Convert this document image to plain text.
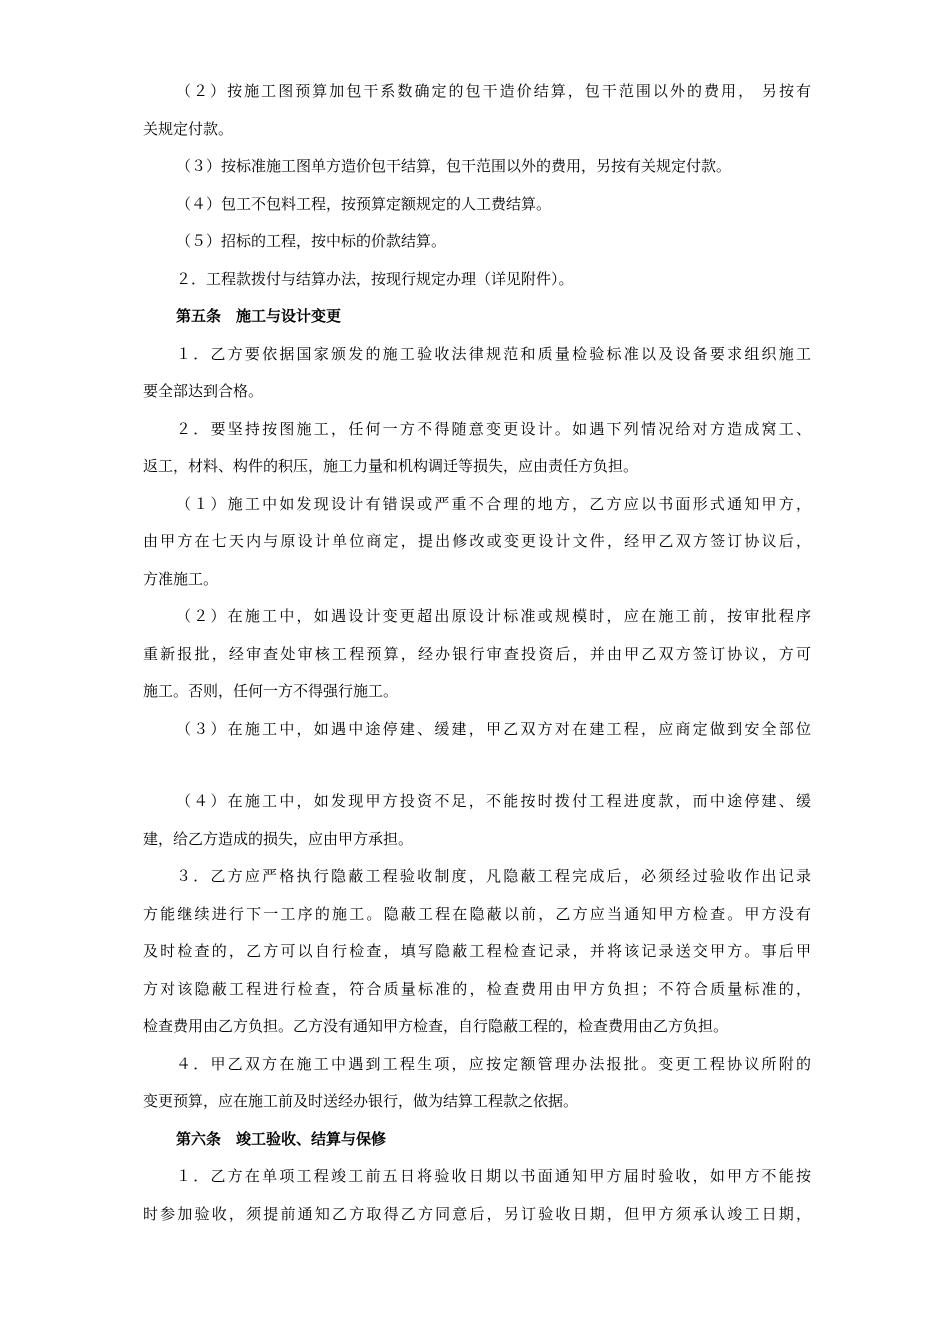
（２）按施工图预算加包干系数确定的包干造价结算，包干范围以外的费用， 另按有
关规定付款。
（３）按标准施工图单方造价包干结算，包干范围以外的费用，另按有关规定付款。
（４）包工不包料工程，按预算定额规定的人工费结算。
（５）招标的工程，按中标的价款结算。
２．工程款拨付与结算办法，按现行规定办理（详见附件）。
第五条　施工与设计变更
１．乙方要依据国家颁发的施工验收法律规范和质量检验标准以及设备要求组织施工
要全部达到合格。
２．要坚持按图施工，任何一方不得随意变更设计。如遇下列情况给对方造成窝工、
返工，材料、构件的积压，施工力量和机构调迁等损失，应由责任方负担。
（１）施工中如发现设计有错误或严重不合理的地方，乙方应以书面形式通知甲方，
由甲方在七天内与原设计单位商定，提出修改或变更设计文件，经甲乙双方签订协议后，
方准施工。
（２）在施工中，如遇设计变更超出原设计标准或规模时，应在施工前，按审批程序
重新报批，经审查处审核工程预算，经办银行审查投资后，并由甲乙双方签订协议，方可
施工。否则，任何一方不得强行施工。
（３）在施工中，如遇中途停建、缓建，甲乙双方对在建工程，应商定做到安全部位
（４）在施工中，如发现甲方投资不足，不能按时拨付工程进度款，而中途停建、缓
建，给乙方造成的损失，应由甲方承担。
３．乙方应严格执行隐蔽工程验收制度，凡隐蔽工程完成后，必须经过验收作出记录
方能继续进行下一工序的施工。隐蔽工程在隐蔽以前，乙方应当通知甲方检查。甲方没有
及时检查的，乙方可以自行检查，填写隐蔽工程检查记录，并将该记录送交甲方。事后甲
方对该隐蔽工程进行检查，符合质量标准的，检查费用由甲方负担；不符合质量标准的，
检查费用由乙方负担。乙方没有通知甲方检查，自行隐蔽工程的，检查费用由乙方负担。
４．甲乙双方在施工中遇到工程生项，应按定额管理办法报批。变更工程协议所附的
变更预算，应在施工前及时送经办银行，做为结算工程款之依据。
第六条　竣工验收、结算与保修
１．乙方在单项工程竣工前五日将验收日期以书面通知甲方届时验收，如甲方不能按
时参加验收，须提前通知乙方取得乙方同意后，另订验收日期，但甲方须承认竣工日期，
